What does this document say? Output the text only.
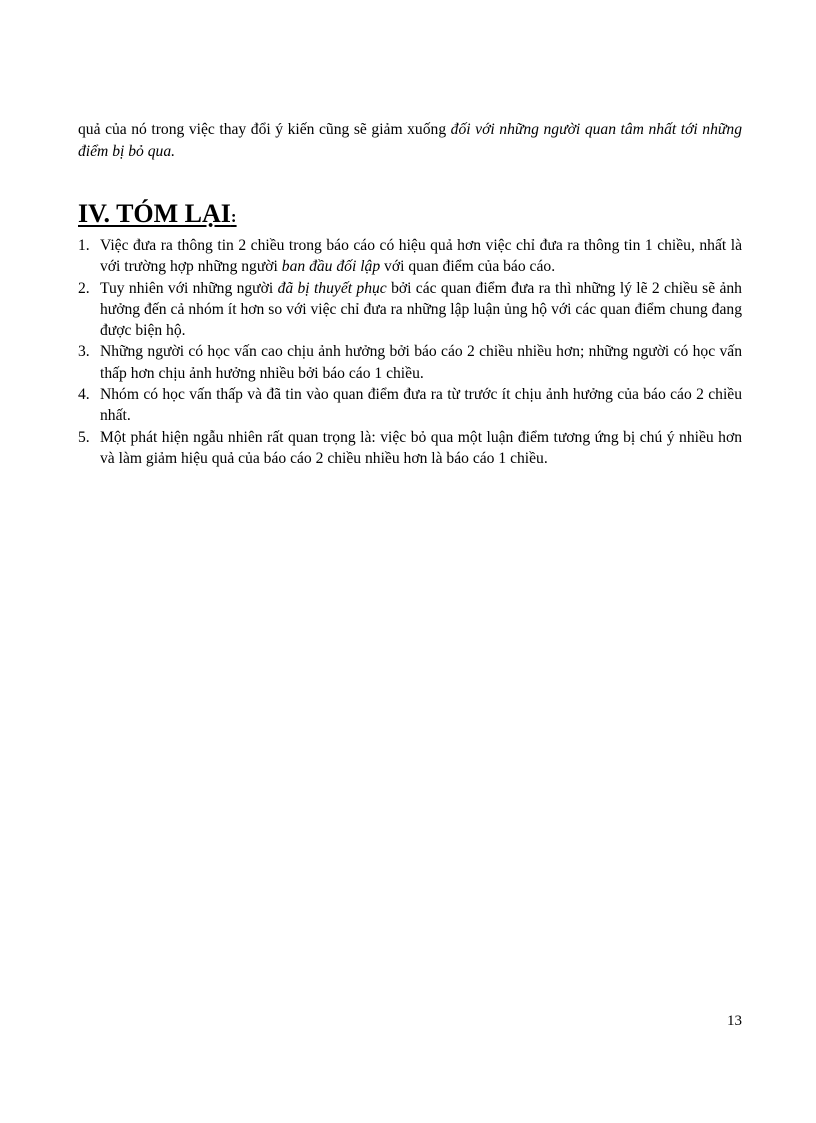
quả của nó trong việc thay đổi ý kiến cũng sẽ giảm xuống đối với những người quan tâm nhất tới những điểm bị bỏ qua.

IV. TÓM LẠI:
1. Việc đưa ra thông tin 2 chiều trong báo cáo có hiệu quả hơn việc chỉ đưa ra thông tin 1 chiều, nhất là với trường hợp những người ban đầu đối lập với quan điểm của báo cáo.
2. Tuy nhiên với những người đã bị thuyết phục bởi các quan điểm đưa ra thì những lý lẽ 2 chiều sẽ ảnh hưởng đến cả nhóm ít hơn so với việc chỉ đưa ra những lập luận ủng hộ với các quan điểm chung đang được biện hộ.
3. Những người có học vấn cao chịu ảnh hưởng bởi báo cáo 2 chiều nhiều hơn; những người có học vấn thấp hơn chịu ảnh hưởng nhiều bởi báo cáo 1 chiều.
4. Nhóm có học vấn thấp và đã tin vào quan điểm đưa ra từ trước ít chịu ảnh hưởng của báo cáo 2 chiều nhất.
5. Một phát hiện ngẫu nhiên rất quan trọng là: việc bỏ qua một luận điểm tương ứng bị chú ý nhiều hơn và làm giảm hiệu quả của báo cáo 2 chiều nhiều hơn là báo cáo 1 chiều.
13
